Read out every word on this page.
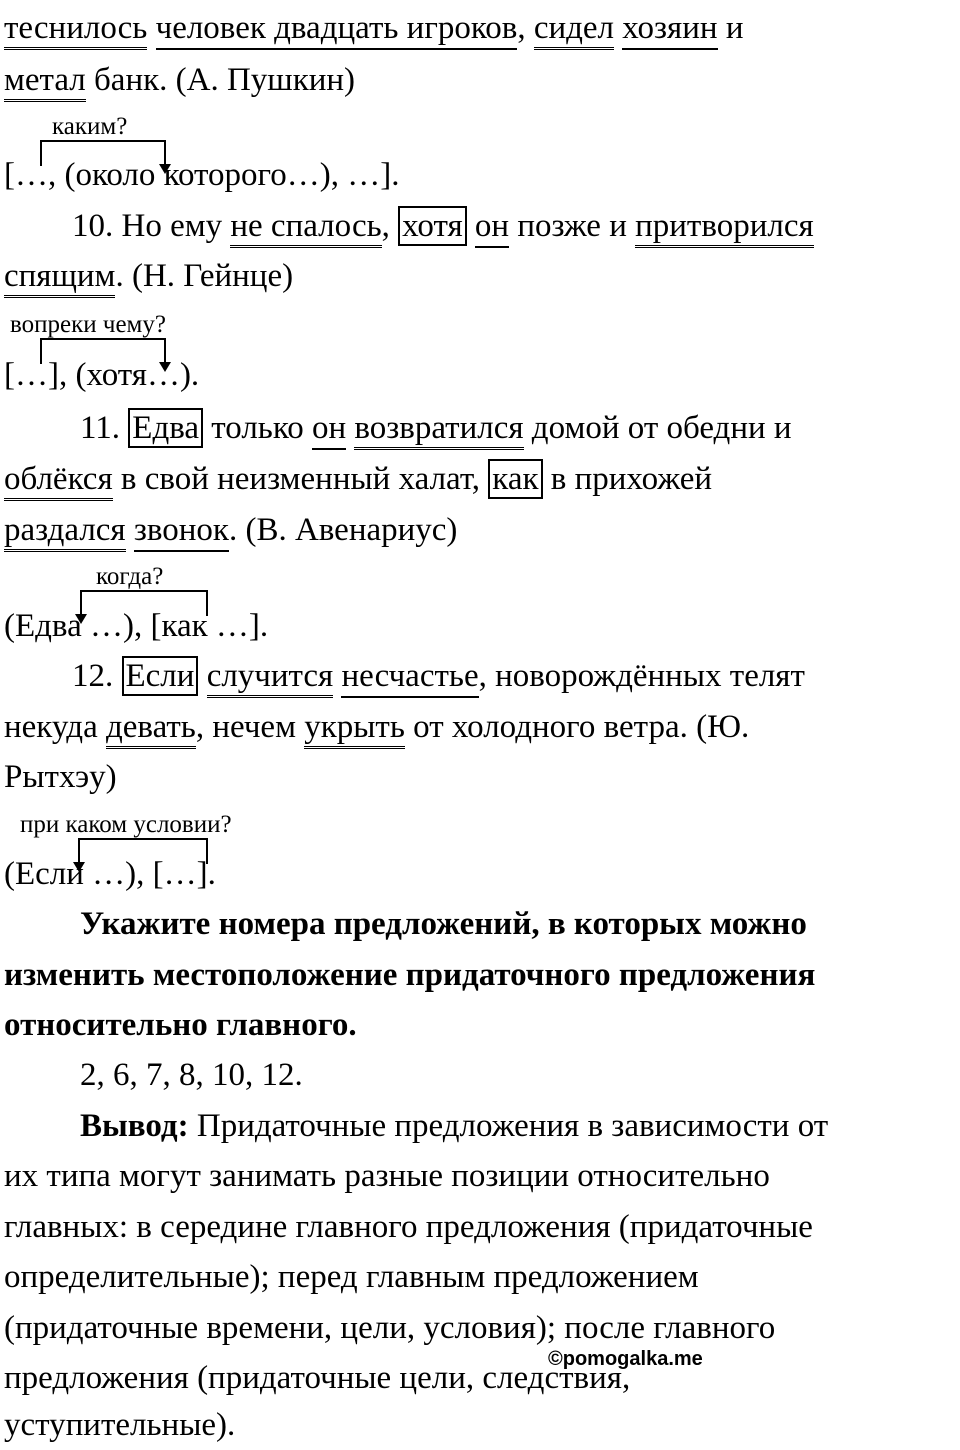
теснилось человек двадцать игроков, сидел хозяин и
метал банк. (А. Пушкин)
каким?
[…, (около которого…), …].
10. Но ему не спалось, хотя он позже и притворился
спящим. (Н. Гейнце)
вопреки чему?
[…], (хотя…).
11. Едва только он возвратился домой от обедни и
облёкся в свой неизменный халат, как в прихожей
раздался звонок. (В. Авенариус)
когда?
(Едва …), [как …].
12. Если случится несчастье, новорождённых телят
некуда девать, нечем укрыть от холодного ветра. (Ю.
Рытхэу)
при каком условии?
(Если …), […].
Укажите номера предложений, в которых можно
изменить местоположение придаточного предложения
относительно главного.
2, 6, 7, 8, 10, 12.
Вывод: Придаточные предложения в зависимости от
их типа могут занимать разные позиции относительно
главных: в середине главного предложения (придаточные
определительные); перед главным предложением
(придаточные времени, цели, условия); после главного
предложения (придаточные цели, следствия,
уступительные).
©pomogalka.me
